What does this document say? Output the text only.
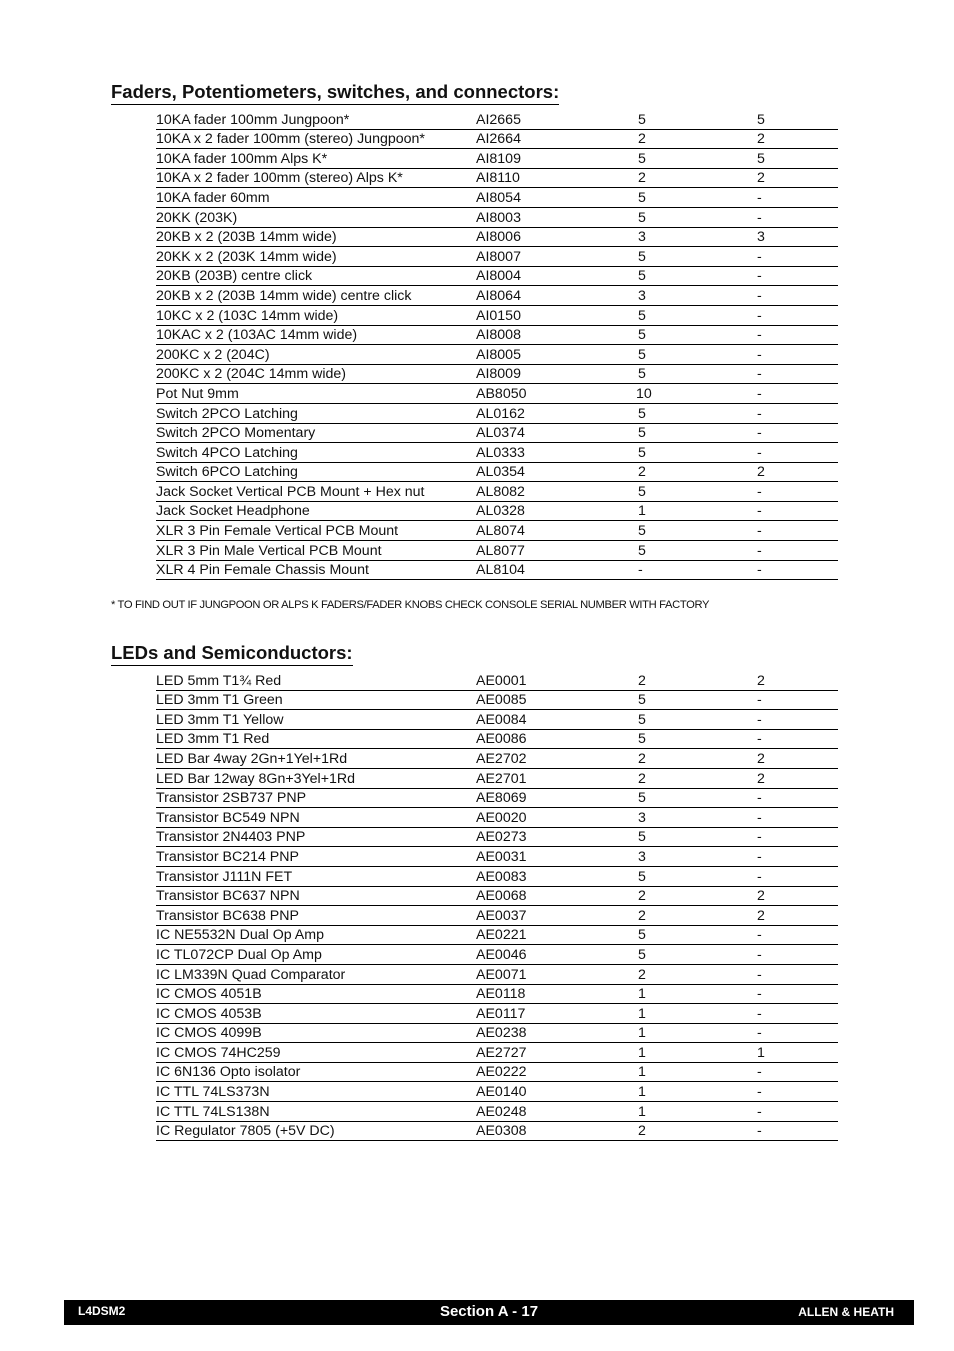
Faders, Potentiometers, switches, and connectors:
10KA fader 100mm Jungpoon*	AI2665	5	5
10KA x 2 fader 100mm (stereo) Jungpoon*	AI2664	2	2
10KA fader 100mm Alps K*	AI8109	5	5
10KA x 2 fader 100mm (stereo) Alps K*	AI8110	2	2
10KA fader 60mm	AI8054	5	-
20KK (203K)	AI8003	5	-
20KB x 2 (203B 14mm wide)	AI8006	3	3
20KK x 2 (203K 14mm wide)	AI8007	5	-
20KB (203B) centre click	AI8004	5	-
20KB x 2 (203B 14mm wide) centre click	AI8064	3	-
10KC x 2 (103C 14mm wide)	AI0150	5	-
10KAC x 2 (103AC 14mm wide)	AI8008	5	-
200KC x 2 (204C)	AI8005	5	-
200KC x 2 (204C 14mm wide)	AI8009	5	-
Pot Nut 9mm	AB8050	10	-
Switch 2PCO Latching	AL0162	5	-
Switch 2PCO Momentary	AL0374	5	-
Switch 4PCO Latching	AL0333	5	-
Switch 6PCO Latching	AL0354	2	2
Jack Socket Vertical PCB Mount + Hex nut	AL8082	5	-
Jack Socket Headphone	AL0328	1	-
XLR 3 Pin Female Vertical PCB Mount	AL8074	5	-
XLR 3 Pin Male Vertical PCB Mount	AL8077	5	-
XLR 4 Pin Female Chassis Mount	AL8104	-	-

* TO FIND OUT IF JUNGPOON OR ALPS K FADERS/FADER KNOBS CHECK CONSOLE SERIAL NUMBER WITH FACTORY

LEDs and Semiconductors:
LED 5mm T1¾ Red	AE0001	2	2
LED 3mm T1 Green	AE0085	5	-
LED 3mm T1 Yellow	AE0084	5	-
LED 3mm T1 Red	AE0086	5	-
LED Bar 4way 2Gn+1Yel+1Rd	AE2702	2	2
LED Bar 12way 8Gn+3Yel+1Rd	AE2701	2	2
Transistor 2SB737 PNP	AE8069	5	-
Transistor BC549 NPN	AE0020	3	-
Transistor 2N4403 PNP	AE0273	5	-
Transistor BC214 PNP	AE0031	3	-
Transistor J111N FET	AE0083	5	-
Transistor BC637 NPN	AE0068	2	2
Transistor BC638 PNP	AE0037	2	2
IC NE5532N Dual Op Amp	AE0221	5	-
IC TL072CP Dual Op Amp	AE0046	5	-
IC LM339N Quad Comparator	AE0071	2	-
IC CMOS 4051B	AE0118	1	-
IC CMOS 4053B	AE0117	1	-
IC CMOS 4099B	AE0238	1	-
IC CMOS 74HC259	AE2727	1	1
IC 6N136 Opto isolator	AE0222	1	-
IC TTL 74LS373N	AE0140	1	-
IC TTL 74LS138N	AE0248	1	-
IC Regulator 7805 (+5V DC)	AE0308	2	-
L4DSM2	Section A - 17	ALLEN & HEATH
